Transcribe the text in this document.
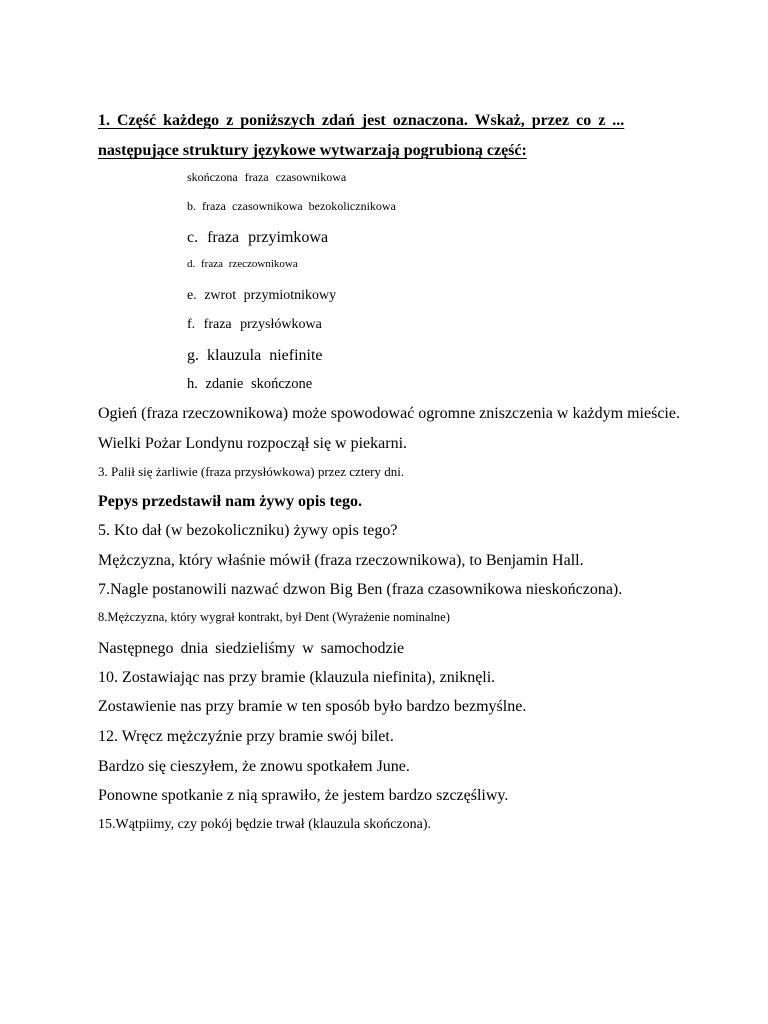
1. Część każdego z poniższych zdań jest oznaczona. Wskaż, przez co z ...
następujące struktury językowe wytwarzają pogrubioną część:
skończona fraza czasownikowa
b. fraza czasownikowa bezokolicznikowa
c. fraza przyimkowa
d. fraza rzeczownikowa
e. zwrot przymiotnikowy
f. fraza przysłówkowa
g. klauzula niefinite
h. zdanie skończone
Ogień (fraza rzeczownikowa) może spowodować ogromne zniszczenia w każdym mieście.
Wielki Pożar Londynu rozpoczął się w piekarni.
3. Palił się żarliwie (fraza przysłówkowa) przez cztery dni.
Pepys przedstawił nam żywy opis tego.
5. Kto dał (w bezokoliczniku) żywy opis tego?
Mężczyzna, który właśnie mówił (fraza rzeczownikowa), to Benjamin Hall.
7.Nagle postanowili nazwać dzwon Big Ben (fraza czasownikowa nieskończona).
8.Mężczyzna, który wygrał kontrakt, był Dent (Wyrażenie nominalne)
Następnego dnia siedzieliśmy w samochodzie
10. Zostawiając nas przy bramie (klauzula niefinita), zniknęli.
Zostawienie nas przy bramie w ten sposób było bardzo bezmyślne.
12. Wręcz mężczyźnie przy bramie swój bilet.
Bardzo się cieszyłem, że znowu spotkałem June.
Ponowne spotkanie z nią sprawiło, że jestem bardzo szczęśliwy.
15.Wątpiimy, czy pokój będzie trwał (klauzula skończona).
